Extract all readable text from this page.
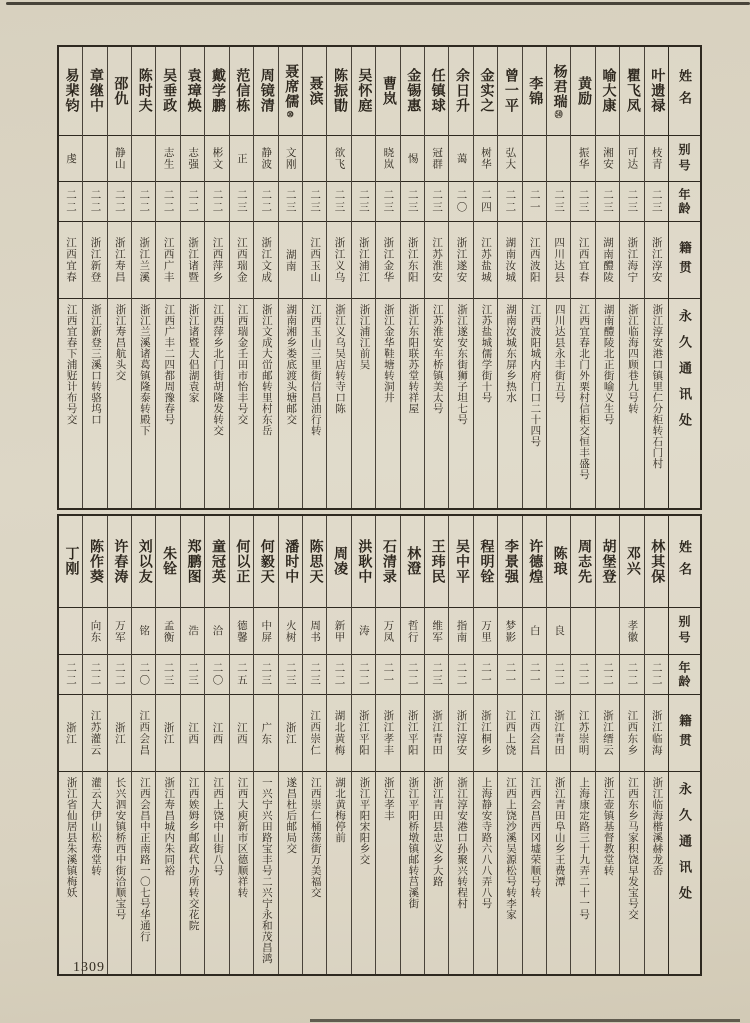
姓名
别号
年龄
籍贯
永久通讯处
叶遗禄
枝青
二三
浙江淳安
浙江淳安港口镇里仁分柜转石门村
瞿飞凤
可达
二三
浙江海宁
浙江临海四顾巷九号转
喻大康
湘安
二三
湖南醴陵
湖南醴陵北正街喻义生号
黄励
振华
二三
江西宜春
江西宜春北门外栗村信柜交恒丰盛号
杨君瑞
㊿
二三
四川达县
四川达县永丰街五号
李锦
二一
江西波阳
江西波阳城内府门口二十四号
曾一平
弘大
二二
湖南汝城
湖南汝城东屏乡热水
金实之
树华
二四
江苏盐城
江苏盐城儒学街十号
余日升
蔼
二〇
浙江遂安
浙江遂安东街狮子坦七号
任镇球
冠群
二三
江苏淮安
江苏淮安车桥镇美太号
金锡惠
惕
二三
浙江东阳
浙江东阳联苏堂转祥屋
曹岚
晓岚
二三
浙江金华
浙江金华鞋塘转洞井
吴怀庭
二三
浙江浦江
浙江浦江前吴
陈振勖
欲飞
二三
浙江义乌
浙江义乌吴店转寺口陈
聂滨
二三
江西玉山
江西玉山三里街信昌油行转
聂席儒
⑩
文刚
二三
湖南
湖南湘乡娄底渡头塘邮交
周镜清
静波
二二
浙江文成
浙江文成大峃邮转里村东岳
范信栋
正
二三
江西瑞金
江西瑞金壬田市怡丰号交
戴学鹏
彬文
二二
江西萍乡
江西萍乡北门街胡隆发转交
袁璋焕
志强
二二
浙江诸暨
浙江诸暨大侣湖袁家
吴垂政
志生
二二
江西广丰
江西广丰二四都周豫春号
陈时夫
二二
浙江兰溪
浙江兰溪诸葛镇隆泰转殿下
邵仇
静山
二二
浙江寿昌
浙江寿昌航头交
章继中
二二
浙江新登
浙江新登三溪口转骆坞口
易棐钧
虔
二二
江西宜春
江西宜春下浦觃计布号交
姓名
别号
年龄
籍贯
永久通讯处
林其保
二二
浙江临海
浙江临海楷溪赫龙岙
邓兴
孝徽
二二
江西东乡
江西东乡马家积饶早发宝号交
胡堡登
二二
浙江缙云
浙江壶镇基督教堂转
周志先
二二
江苏崇明
上海康定路三十九弄二十一号
陈琅
良
二二
浙江青田
浙江青田阜山乡王费潭
许德煌
白
二一
江西会昌
江西会昌西冈墟荣顺号转
李景强
梦影
二一
江西上饶
江西上饶沙溪吴源松号转李家
程明铨
万里
二一
浙江桐乡
上海静安寺路六八八弄八号
吴中平
指南
二二
浙江淳安
浙江淳安港口孙聚兴转程村
王玮民
维军
二三
浙江青田
浙江青田县忠义乡大路
林澄
哲行
二二
浙江平阳
浙江平阳桥墩镇邮转莒溪街
石清录
万凤
二一
浙江孝丰
浙江孝丰
洪耿中
涛
二二
浙江平阳
浙江平阳宋阳乡交
周凌
新甲
二二
湖北黄梅
湖北黄梅停前
陈思天
周书
二三
江西崇仁
江西崇仁桶荡街万美福交
潘时中
火树
二三
浙江
遂昌杜后邮局交
何毅天
中屏
二三
广东
一兴宁兴田路宝丰号二兴宁永和茂昌鸿
何以正
德馨
二五
江西
江西大庾新市区德顺祥转
童冠英
洽
二〇
江西
江西上饶中山街八号
郑鹏图
浩
二三
江西
江西娭姆乡邮政代办所转交花院
朱铨
孟衡
二三
浙江
浙江寿昌城内朱同裕
刘以友
铭
二〇
江西会昌
江西会昌中正南路一〇七号华通行
许春涛
万军
二二
浙江
长兴泗安镇桥西中街洽顺宝号
陈作葵
向东
二二
江苏灌云
灌云大伊山松寿堂转
丁刚
二二
浙江
浙江省仙居县朱溪镇梅妖
1309
